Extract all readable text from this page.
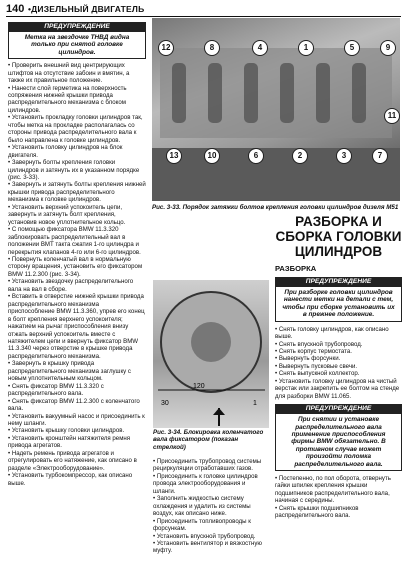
140 •ДИЗЕЛЬНЫЙ ДВИГАТЕЛЬ
ПРЕДУПРЕЖДЕНИЕ
Метка на звездочке ТНВД видна только при снятой головке цилиндров.

• Проверить внешний вид центрирующих штифтов на отсутствие забоин и вмятин, а также их правильное положение.

• Нанести слой герметика на поверхность сопряжения нижней крышки привода распределительного механизма с блоком цилиндров.

• Установить прокладку головки цилиндров так, чтобы метка на прокладке располагалась со стороны привода распределительного вала к было направлена к головке цилиндров.

• Установить головку цилиндров на блок двигателя.

• Завернуть болты крепления головки цилиндров и затянуть их в указанном порядке (рис. 3-33).

• Завернуть и затянуть болты крепления нижней крышки привода распределительного механизма к головке цилиндров.

• Установить верхний успокоитель цепи, завернуть и затянуть болт крепления, установив новое уплотнительное кольцо.

• С помощью фиксатора BMW 11.3.320 заблокировать распределительный вал в положении ВМТ такта сжатия 1-го цилиндра и перекрытия клапанов 4-го или 6-го цилиндров.

• Повернуть коленчатый вал в нормальную сторону вращения, установить его фиксатором BMW 11.2.300 (рис. 3-34).

• Установить звездочку распределительного вала на вал в сборе.

• Вставить в отверстие нижней крышки привода распределительного механизма приспособление BMW 11.3.360, упрев его конец в болт крепления верхнего успокоителя; нажатием на рычаг приспособления внизу отжать верхний успокоитель вместе с натяжителем цепи и ввернуть фиксатор BMW 11.3.340 через отверстие в крышке привода распределительного механизма.

• Завернуть в крышку привода распределительного механизма заглушку с новым уплотнительным кольцом.

• Снять фиксатор BMW 11.3.320 с распределительного вала.

• Снять фиксатор BMW 11.2.300 с коленчатого вала.

• Установить вакуумный насос и присоединить к нему шланги.

• Установить крышку головки цилиндров.

• Установить кронштейн натяжителя ремня привода агрегатов.

• Надеть ремень привода агрегатов и отрегулировать его натяжение, как описано в разделе «Электрооборудование».

• Установить турбокомпрессор, как описано выше.

12	8	4	1	5	9
13	10	6	2	3	7
11
Рис. 3-33. Порядок затяжки болтов крепления головки цилиндров дизеля М51
120
30	1
Рис. 3-34. Блокировка коленчатого вала фиксатором (показан стрелкой)

• Присоединить трубопровод системы рециркуляции отработавших газов.

• Присоединить к головке цилиндров провода электрооборудования и шланги.

• Заполнить жидкостью систему охлаждения и удалить из системы воздух, как описано ниже.

• Присоединить топливопроводы к форсункам.

• Установить впускной трубопровод.

• Установить вентилятор и вязкостную муфту.

РАЗБОРКА И СБОРКА ГОЛОВКИ ЦИЛИНДРОВ
РАЗБОРКА
ПРЕДУПРЕЖДЕНИЕ
При разборке головки цилиндров нанести метки на детали с тем, чтобы при сборке установить их в прежнее положение.

• Снять головку цилиндров, как описано выше.

• Снять впускной трубопровод.

• Снять корпус термостата.

• Вывернуть форсунки.

• Вывернуть пусковые свечи.

• Снять выпускной коллектор.

• Установить головку цилиндров на чистый верстак или закрепить ее болтом на стенде для разборки BMW 11.065.

ПРЕДУПРЕЖДЕНИЕ
При снятии и установке распределительного вала применение приспособления фирмы BMW обязательно. В противном случае может произойти поломка распределительного вала.

• Постепенно, по пол оборота, отвернуть гайки шпилек крепления крышки подшипников распределительного вала, начиная с середины.

• Снять крышки подшипников распределительного вала.
